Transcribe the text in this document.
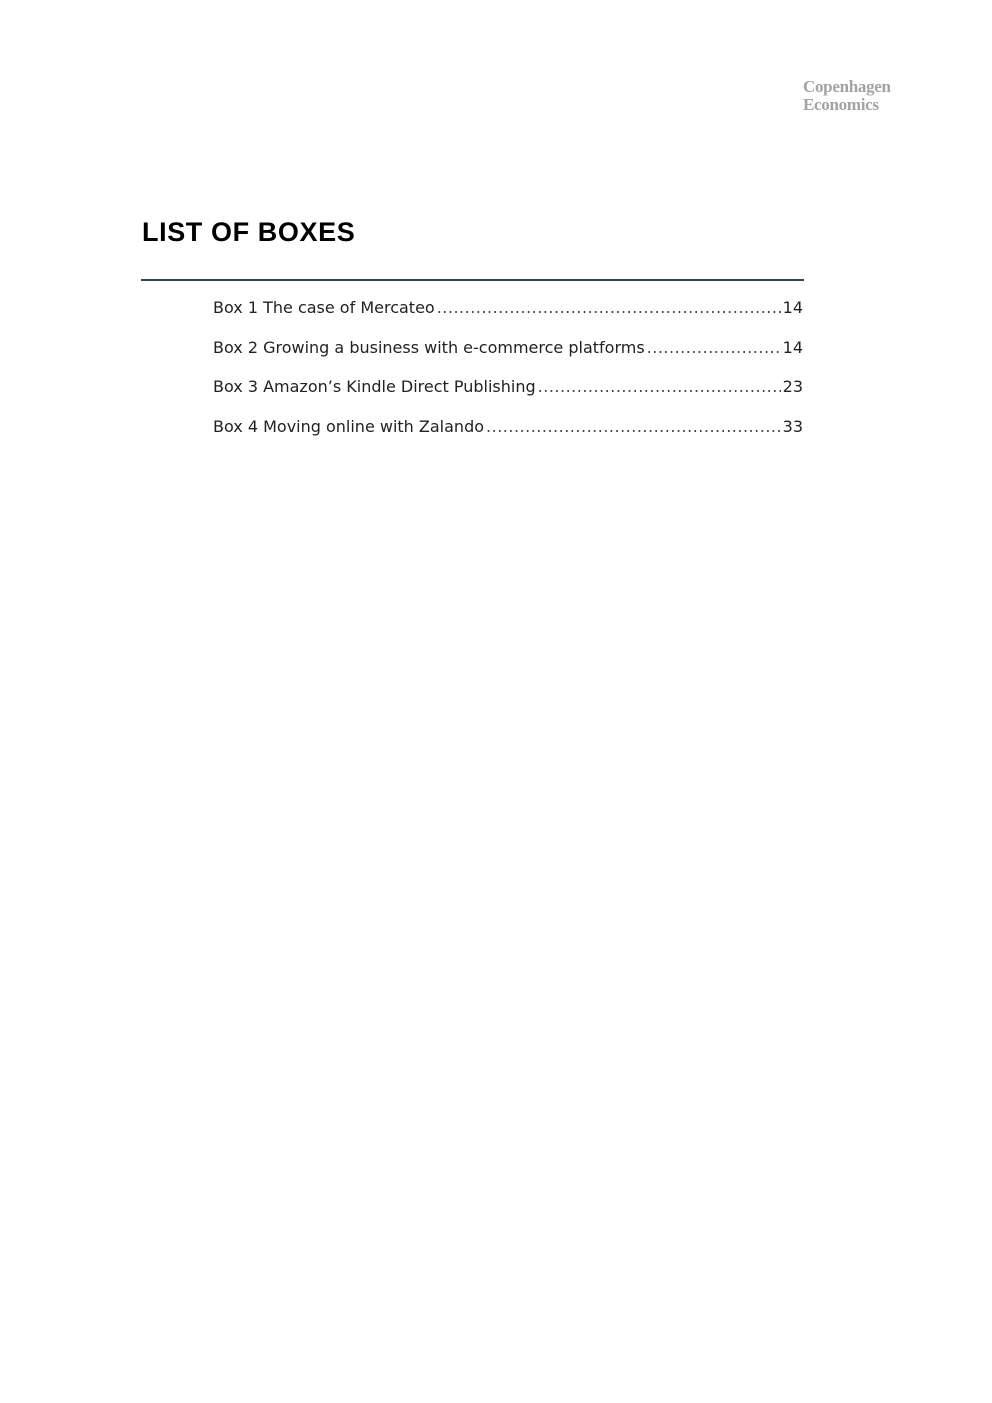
Copenhagen
Economics
LIST OF BOXES
Box 1 The case of Mercateo .....	14
Box 2 Growing a business with e-commerce platforms .....	14
Box 3 Amazon’s Kindle Direct Publishing .....	23
Box 4 Moving online with Zalando .....	33
